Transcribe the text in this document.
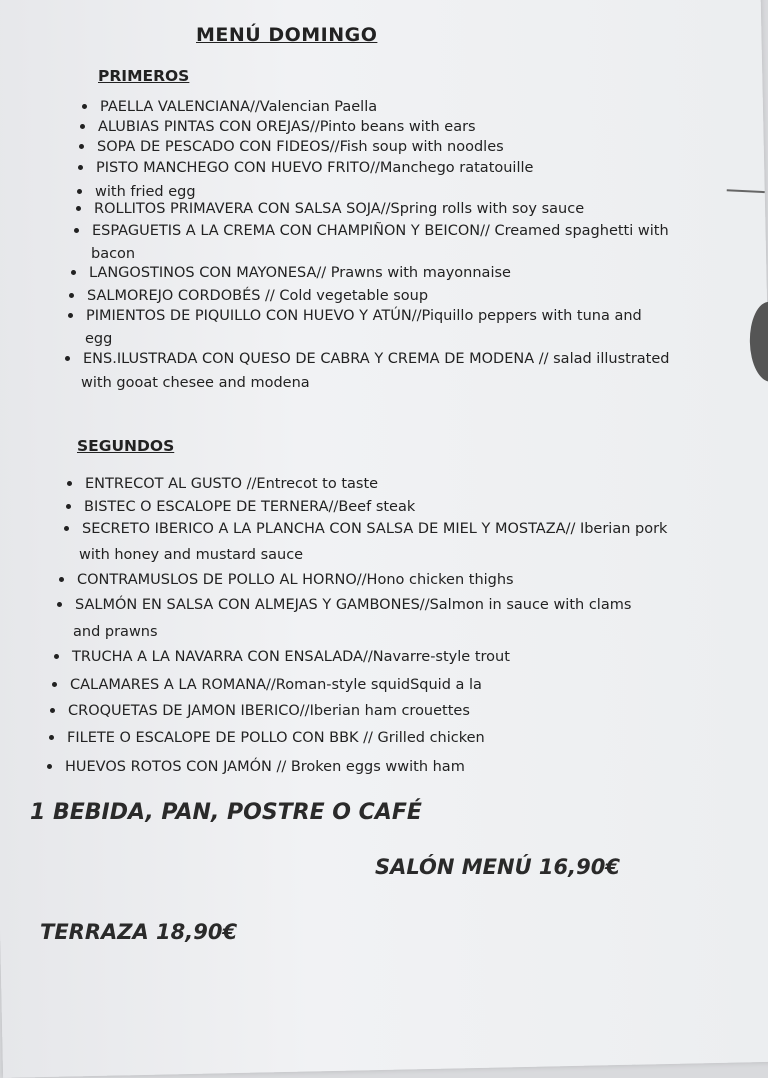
MENÚ DOMINGO
PRIMEROS
PAELLA VALENCIANA//Valencian Paella
ALUBIAS PINTAS CON OREJAS//Pinto beans with ears
SOPA DE PESCADO CON FIDEOS//Fish soup with noodles
PISTO MANCHEGO CON HUEVO FRITO//Manchego ratatouille
with fried egg
ROLLITOS PRIMAVERA CON SALSA SOJA//Spring rolls with soy sauce
ESPAGUETIS A LA CREMA CON CHAMPIÑON Y BEICON// Creamed spaghetti with
bacon
LANGOSTINOS CON MAYONESA// Prawns with mayonnaise
SALMOREJO CORDOBÉS // Cold vegetable soup
PIMIENTOS DE PIQUILLO CON HUEVO Y ATÚN//Piquillo peppers with tuna and
egg
ENS.ILUSTRADA CON QUESO DE CABRA Y CREMA DE MODENA // salad illustrated
with gooat chesee and modena
SEGUNDOS
ENTRECOT AL GUSTO //Entrecot to taste
BISTEC O ESCALOPE DE TERNERA//Beef steak
SECRETO IBERICO A LA PLANCHA CON SALSA DE MIEL Y MOSTAZA// Iberian pork
with honey and mustard sauce
CONTRAMUSLOS DE POLLO AL HORNO//Hono chicken thighs
SALMÓN EN SALSA CON ALMEJAS Y GAMBONES//Salmon in sauce with clams
and prawns
TRUCHA A LA NAVARRA CON ENSALADA//Navarre-style trout
CALAMARES A LA ROMANA//Roman-style squidSquid a la
CROQUETAS DE JAMON IBERICO//Iberian ham crouettes
FILETE O ESCALOPE DE POLLO CON BBK // Grilled chicken
HUEVOS ROTOS CON JAMÓN // Broken eggs wwith ham
1 BEBIDA, PAN, POSTRE O CAFÉ
SALÓN MENÚ 16,90€
TERRAZA 18,90€
